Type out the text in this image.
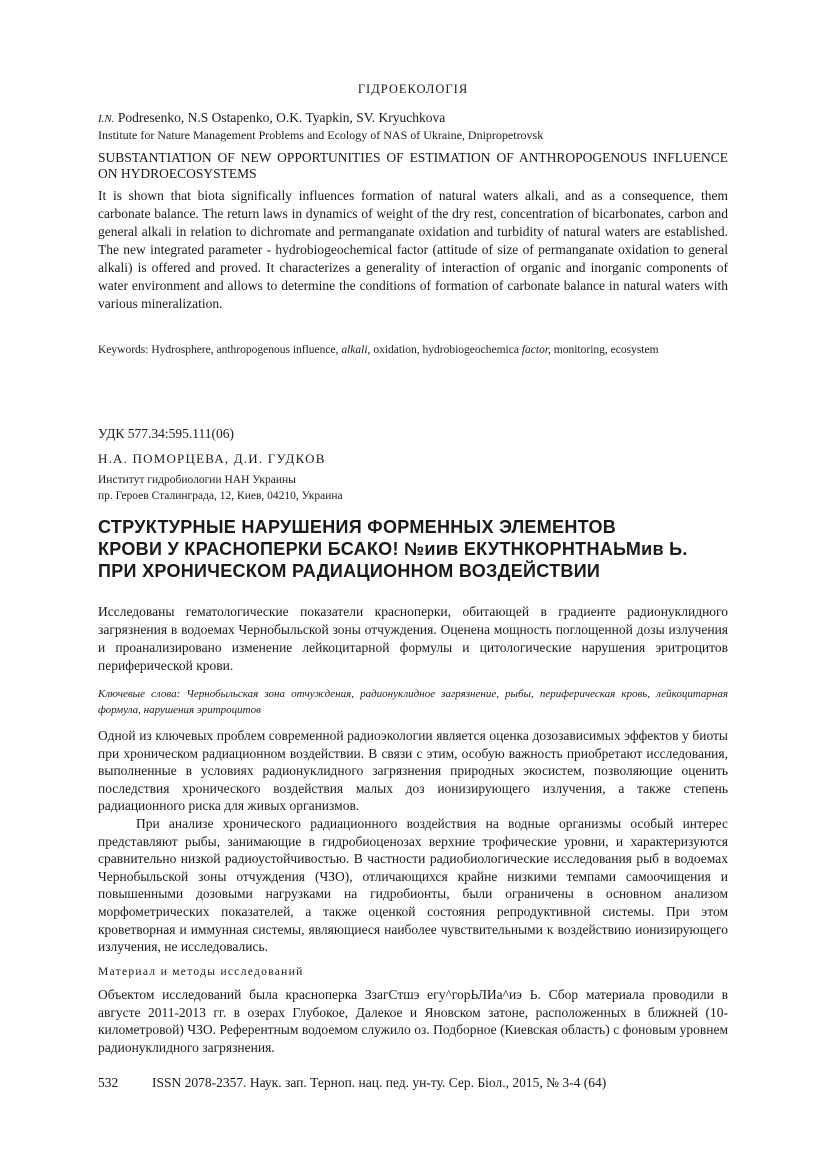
ГІДРОЕКОЛОГІЯ
I.N. Podresenko, N.S Ostapenko, O.K. Tyapkin, SV. Kryuchkova
Institute for Nature Management Problems and Ecology of NAS of Ukraine, Dnipropetrovsk
SUBSTANTIATION OF NEW OPPORTUNITIES OF ESTIMATION OF ANTHROPOGENOUS INFLUENCE ON HYDROECOSYSTEMS
It is shown that biota significally influences formation of natural waters alkali, and as a consequence, them carbonate balance. The return laws in dynamics of weight of the dry rest, concentration of bicarbonates, carbon and general alkali in relation to dichromate and permanganate oxidation and turbidity of natural waters are established. The new integrated parameter - hydrobiogeochemical factor (attitude of size of permanganate oxidation to general alkali) is offered and proved. It characterizes a generality of interaction of organic and inorganic components of water environment and allows to determine the conditions of formation of carbonate balance in natural waters with various mineralization.
Keywords: Hydrosphere, anthropogenous influence, alkali, oxidation, hydrobiogeochemica factor, monitoring, ecosystem
УДК 577.34:595.111(06)
Н.А. ПОМОРЦЕВА, Д.И. ГУДКОВ
Институт гидробиологии НАН Украины
пр. Героев Сталинграда, 12, Киев, 04210, Украина
СТРУКТУРНЫЕ НАРУШЕНИЯ ФОРМЕННЫХ ЭЛЕМЕНТОВ
КРОВИ У КРАСНОПЕРКИ БСАКО! №иив ЕКУТНКОРНТНАЬМив Ь.
ПРИ ХРОНИЧЕСКОМ РАДИАЦИОННОМ ВОЗДЕЙСТВИИ
Исследованы гематологические показатели красноперки, обитающей в градиенте радионуклидного загрязнения в водоемах Чернобыльской зоны отчуждения. Оценена мощность поглощенной дозы излучения и проанализировано изменение лейкоцитарной формулы и цитологические нарушения эритроцитов периферической крови.
Ключевые слова: Чернобыльская зона отчуждения, радионуклидное загрязнение, рыбы, периферическая кровь, лейкоцитарная формула, нарушения эритроцитов

Одной из ключевых проблем современной радиоэкологии является оценка дозозависимых эффектов у биоты при хроническом радиационном воздействии. В связи с этим, особую важность приобретают исследования, выполненные в условиях радионуклидного загрязнения природных экосистем, позволяющие оценить последствия хронического воздействия малых доз ионизирующего излучения, а также степень радиационного риска для живых организмов.

При анализе хронического радиационного воздействия на водные организмы особый интерес представляют рыбы, занимающие в гидробиоценозах верхние трофические уровни, и характеризуются сравнительно низкой радиоустойчивостью. В частности радиобиологические исследования рыб в водоемах Чернобыльской зоны отчуждения (ЧЗО), отличающихся крайне низкими темпами самоочищения и повышенными дозовыми нагрузками на гидробионты, были ограничены в основном анализом морфометрических показателей, а также оценкой состояния репродуктивной системы. При этом кроветворная и иммунная системы, являющиеся наиболее чувствительными к воздействию ионизирующего излучения, не исследовались.

Материал и методы исследований
Объектом исследований была красноперка ЗзагСтшэ егу^горЬЛИа^иэ Ь. Сбор материала проводили в августе 2011-2013 гг. в озерах Глубокое, Далекое и Яновском затоне, расположенных в ближней (10-километровой) ЧЗО. Референтным водоемом служило оз. Подборное (Киевская область) с фоновым уровнем радионуклидного загрязнения.
532	ISSN 2078-2357. Наук. зап. Терноп. нац. пед. ун-ту. Сер. Біол., 2015, № 3-4 (64)
